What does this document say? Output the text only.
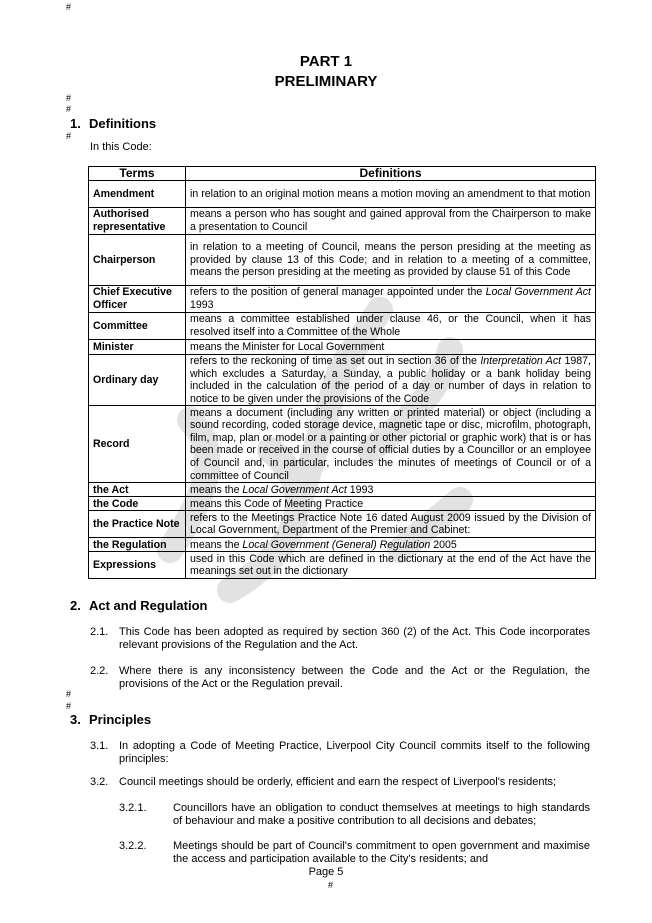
#
#
#
#
#
#
#
PART 1
PRELIMINARY
1. Definitions
In this Code:
Terms	Definitions
Amendment	in relation to an original motion means a motion moving an amendment to that motion
Authorised representative	means a person who has sought and gained approval from the Chairperson to make a presentation to Council
Chairperson	in relation to a meeting of Council, means the person presiding at the meeting as provided by clause 13 of this Code; and in relation to a meeting of a committee, means the person presiding at the meeting as provided by clause 51 of this Code
Chief Executive Officer	refers to the position of general manager appointed under the Local Government Act 1993
Committee	means a committee established under clause 46, or the Council, when it has resolved itself into a Committee of the Whole
Minister	means the Minister for Local Government
Ordinary day	refers to the reckoning of time as set out in section 36 of the Interpretation Act 1987, which excludes a Saturday, a Sunday, a public holiday or a bank holiday being included in the calculation of the period of a day or number of days in relation to notice to be given under the provisions of the Code
Record	means a document (including any written or printed material) or object (including a sound recording, coded storage device, magnetic tape or disc, microfilm, photograph, film, map, plan or model or a painting or other pictorial or graphic work) that is or has been made or received in the course of official duties by a Councillor or an employee of Council and, in particular, includes the minutes of meetings of Council or of a committee of Council
the Act	means the Local Government Act 1993
the Code	means this Code of Meeting Practice
the Practice Note	refers to the Meetings Practice Note 16 dated August 2009 issued by the Division of Local Government, Department of the Premier and Cabinet:
the Regulation	means the Local Government (General) Regulation 2005
Expressions	used in this Code which are defined in the dictionary at the end of the Act have the meanings set out in the dictionary
2. Act and Regulation
2.1. This Code has been adopted as required by section 360 (2) of the Act. This Code incorporates relevant provisions of the Regulation and the Act.
2.2. Where there is any inconsistency between the Code and the Act or the Regulation, the provisions of the Act or the Regulation prevail.
3. Principles
3.1. In adopting a Code of Meeting Practice, Liverpool City Council commits itself to the following principles:
3.2. Council meetings should be orderly, efficient and earn the respect of Liverpool's residents;
3.2.1. Councillors have an obligation to conduct themselves at meetings to high standards of behaviour and make a positive contribution to all decisions and debates;
3.2.2. Meetings should be part of Council's commitment to open government and maximise the access and participation available to the City's residents; and
Page 5
